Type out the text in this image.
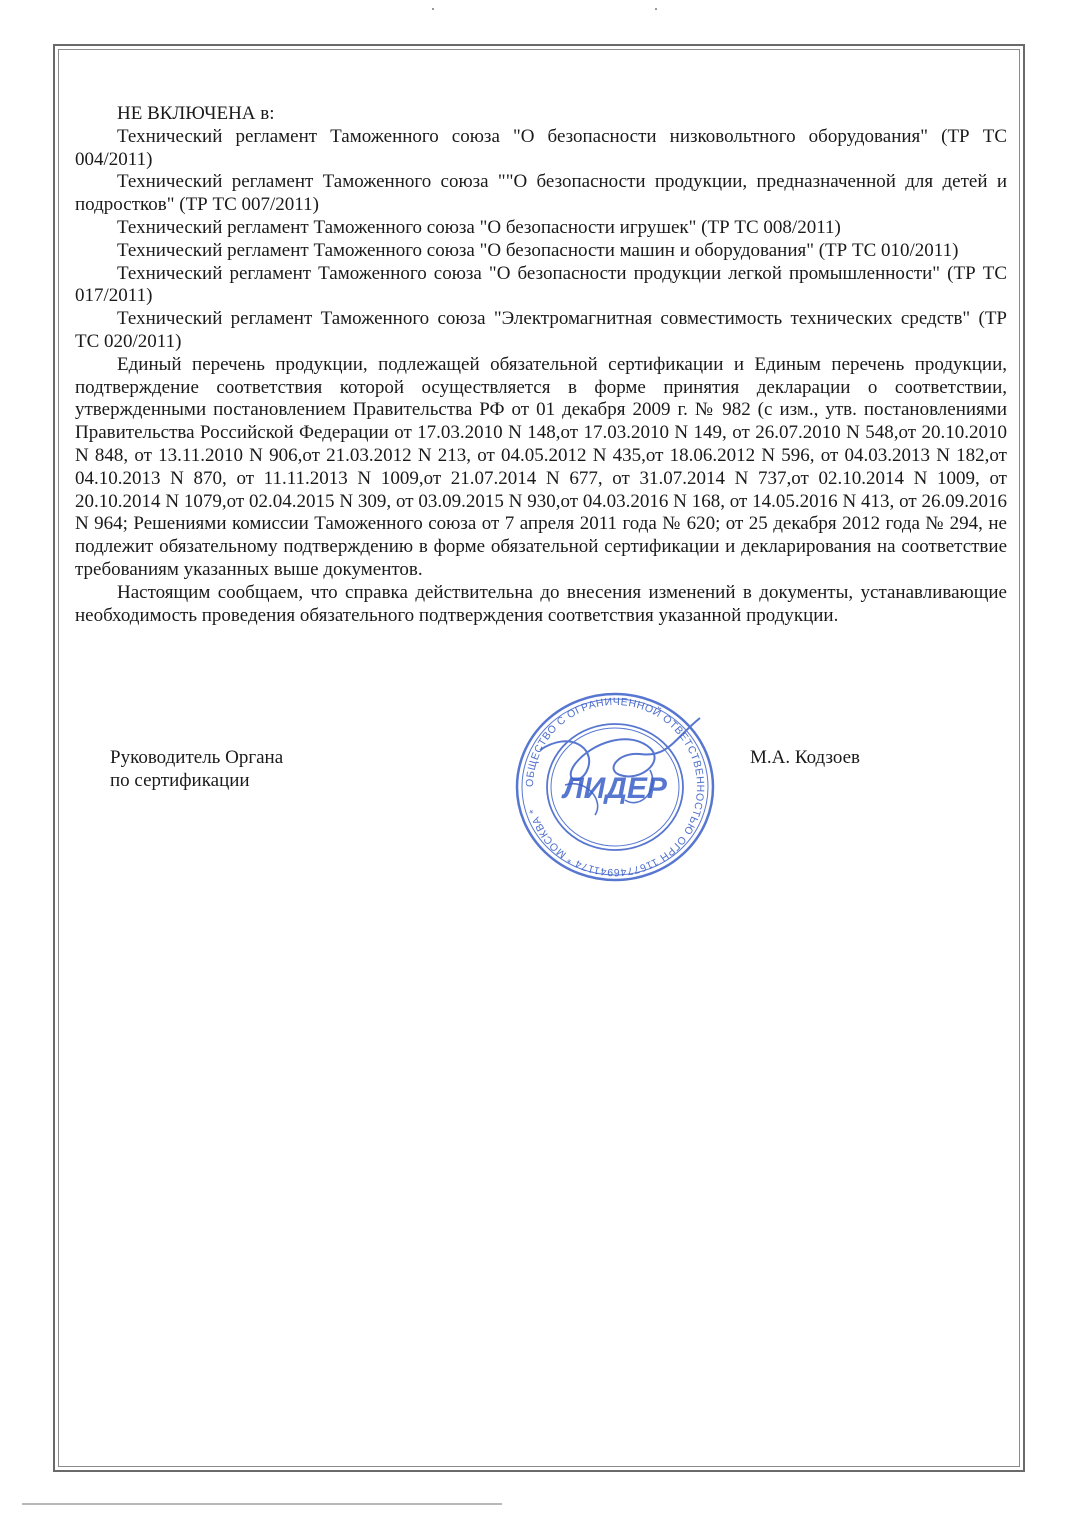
НЕ ВКЛЮЧЕНА в:

Технический регламент Таможенного союза "О безопасности низковольтного оборудования" (ТР ТС 004/2011)

Технический регламент Таможенного союза ""О безопасности продукции, предназначенной для детей и подростков" (ТР ТС 007/2011)

Технический регламент Таможенного союза "О безопасности игрушек" (ТР ТС 008/2011)

Технический регламент Таможенного союза "О безопасности машин и оборудования" (ТР ТС 010/2011)

Технический регламент Таможенного союза "О безопасности продукции легкой промышленности" (ТР ТС 017/2011)

Технический регламент Таможенного союза "Электромагнитная совместимость технических средств" (ТР ТС 020/2011)

Единый перечень продукции, подлежащей обязательной сертификации и Единым перечень продукции, подтверждение соответствия которой осуществляется в форме принятия декларации о соответствии, утвержденными постановлением Правительства РФ от 01 декабря 2009 г. № 982 (с изм., утв. постановлениями Правительства Российской Федерации от 17.03.2010 N 148,от 17.03.2010 N 149, от 26.07.2010 N 548,от 20.10.2010 N 848, от 13.11.2010 N 906,от 21.03.2012 N 213, от 04.05.2012 N 435,от 18.06.2012 N 596, от 04.03.2013 N 182,от 04.10.2013 N 870, от 11.11.2013 N 1009,от 21.07.2014 N 677, от 31.07.2014 N 737,от 02.10.2014 N 1009, от 20.10.2014 N 1079,от 02.04.2015 N 309, от 03.09.2015 N 930,от 04.03.2016 N 168, от 14.05.2016 N 413, от 26.09.2016 N 964; Решениями комиссии Таможенного союза от 7 апреля 2011 года № 620; от 25 декабря 2012 года № 294, не подлежит обязательному подтверждению в форме обязательной сертификации и декларирования на соответствие требованиям указанных выше документов.

Настоящим сообщаем, что справка действительна до внесения изменений в документы, устанавливающие необходимость проведения обязательного подтверждения соответствия указанной продукции.

Руководитель Органа
по сертификации
М.А. Кодзоев
ОБЩЕСТВО С ОГРАНИЧЕННОЙ ОТВЕТСТВЕННОСТЬЮ ОГРН 1167746941174 * МОСКВА *
ЛИДЕР
